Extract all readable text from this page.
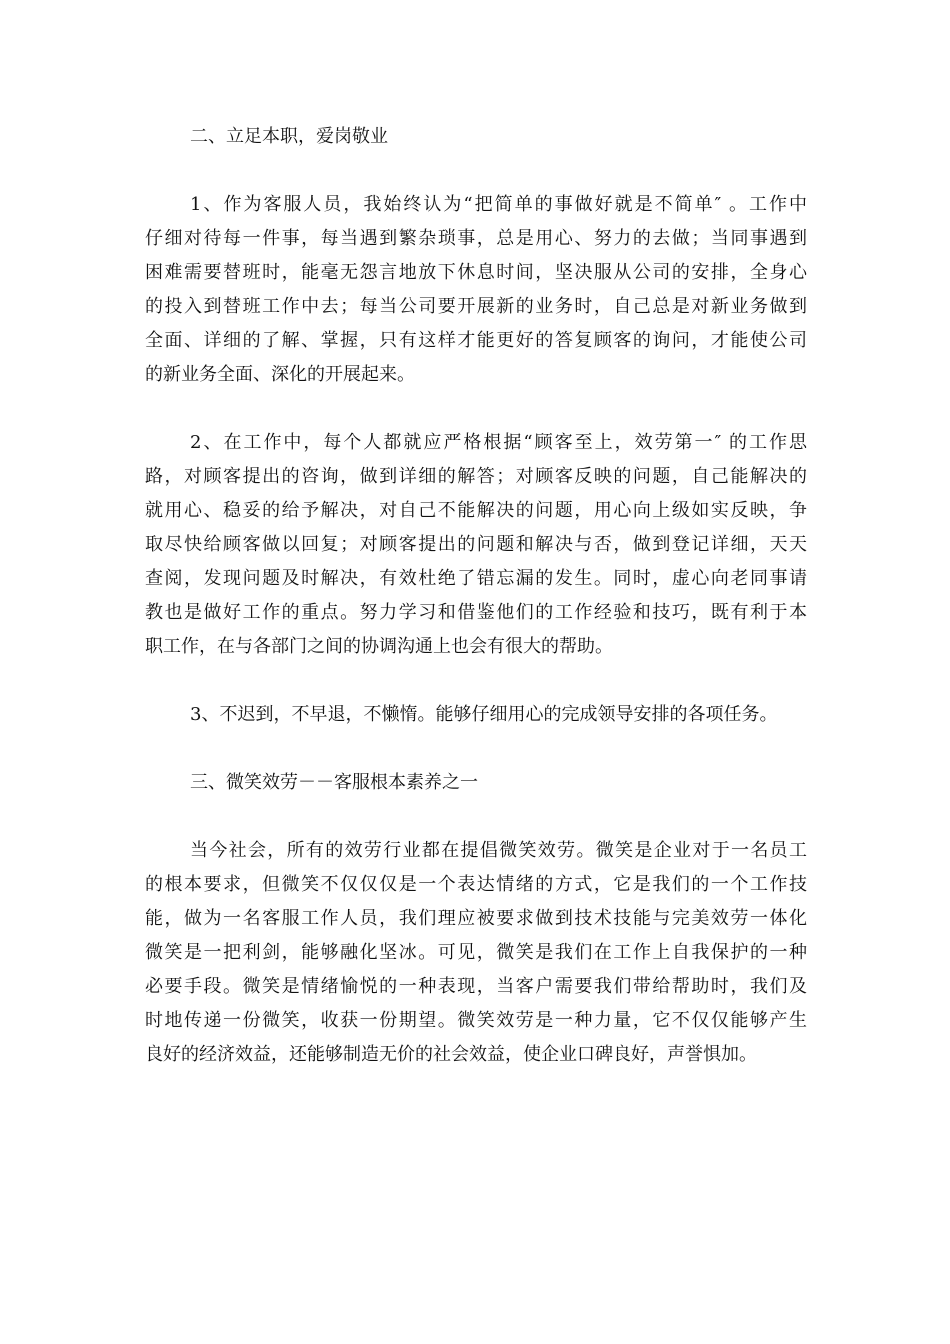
二、立足本职，爱岗敬业

1、作为客服人员，我始终认为“把简单的事做好就是不简单″ 。工作中
仔细对待每一件事，每当遇到繁杂琐事，总是用心、努力的去做；当同事遇到
困难需要替班时，能毫无怨言地放下休息时间，坚决服从公司的安排，全身心
的投入到替班工作中去；每当公司要开展新的业务时，自己总是对新业务做到
全面、详细的了解、掌握，只有这样才能更好的答复顾客的询问，才能使公司
的新业务全面、深化的开展起来。

2、在工作中，每个人都就应严格根据“顾客至上，效劳第一″ 的工作思
路，对顾客提出的咨询，做到详细的解答；对顾客反映的问题，自己能解决的
就用心、稳妥的给予解决，对自己不能解决的问题，用心向上级如实反映，争
取尽快给顾客做以回复；对顾客提出的问题和解决与否，做到登记详细，天天
查阅，发现问题及时解决，有效杜绝了错忘漏的发生。同时，虚心向老同事请
教也是做好工作的重点。努力学习和借鉴他们的工作经验和技巧，既有利于本
职工作，在与各部门之间的协调沟通上也会有很大的帮助。

3、不迟到，不早退，不懒惰。能够仔细用心的完成领导安排的各项任务。

三、微笑效劳－－客服根本素养之一

当今社会，所有的效劳行业都在提倡微笑效劳。微笑是企业对于一名员工
的根本要求，但微笑不仅仅仅是一个表达情绪的方式，它是我们的一个工作技
能，做为一名客服工作人员，我们理应被要求做到技术技能与完美效劳一体化
微笑是一把利剑，能够融化坚冰。可见，微笑是我们在工作上自我保护的一种
必要手段。微笑是情绪愉悦的一种表现，当客户需要我们带给帮助时，我们及
时地传递一份微笑，收获一份期望。微笑效劳是一种力量，它不仅仅能够产生
良好的经济效益，还能够制造无价的社会效益，使企业口碑良好，声誉惧加。
